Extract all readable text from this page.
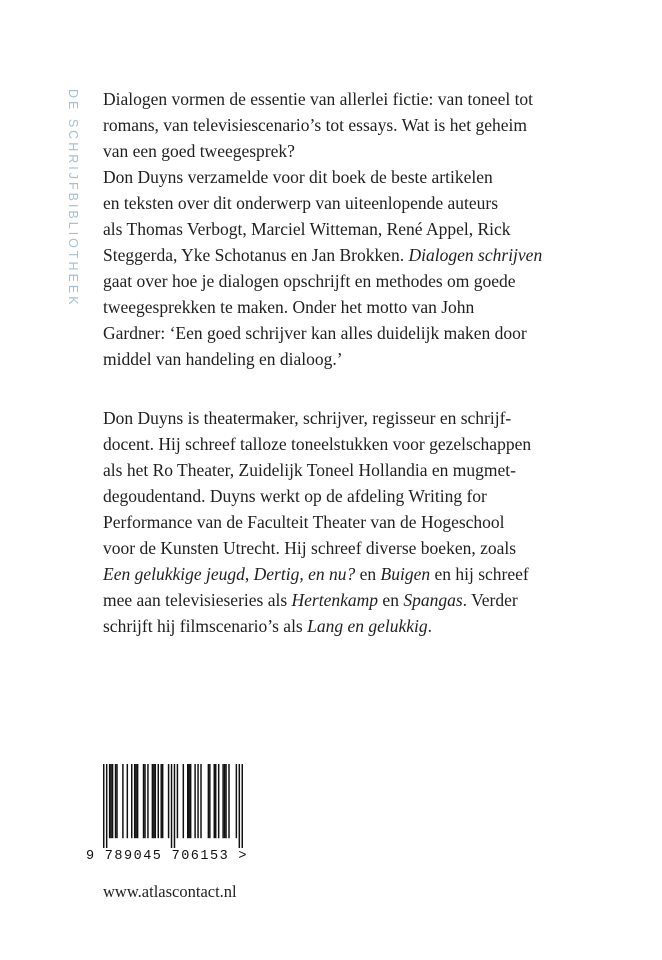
DE SCHRIJFBIBLIOTHEEK Dialogen vormen de essentie van allerlei fictie: van toneel tot
romans, van televisiescenario’s tot essays. Wat is het geheim
van een goed tweegesprek?
Don Duyns verzamelde voor dit boek de beste artikelen
en teksten over dit onderwerp van uiteenlopende auteurs
als Thomas Verbogt, Marciel Witteman, René Appel, Rick
Steggerda, Yke Schotanus en Jan Brokken. Dialogen schrijven
gaat over hoe je dialogen opschrijft en methodes om goede
tweegesprekken te maken. Onder het motto van John
Gardner: ‘Een goed schrijver kan alles duidelijk maken door
middel van handeling en dialoog.’
Don Duyns is theatermaker, schrijver, regisseur en schrijf-
docent. Hij schreef talloze toneelstukken voor gezelschappen
als het Ro Theater, Zuidelijk Toneel Hollandia en mugmet-
degoudentand. Duyns werkt op de afdeling Writing for
Performance van de Faculteit Theater van de Hogeschool
voor de Kunsten Utrecht. Hij schreef diverse boeken, zoals
Een gelukkige jeugd, Dertig, en nu? en Buigen en hij schreef
mee aan televisieseries als Hertenkamp en Spangas. Verder
schrijft hij filmscenario’s als Lang en gelukkig.
9 789045 706153 >
www.atlascontact.nl
